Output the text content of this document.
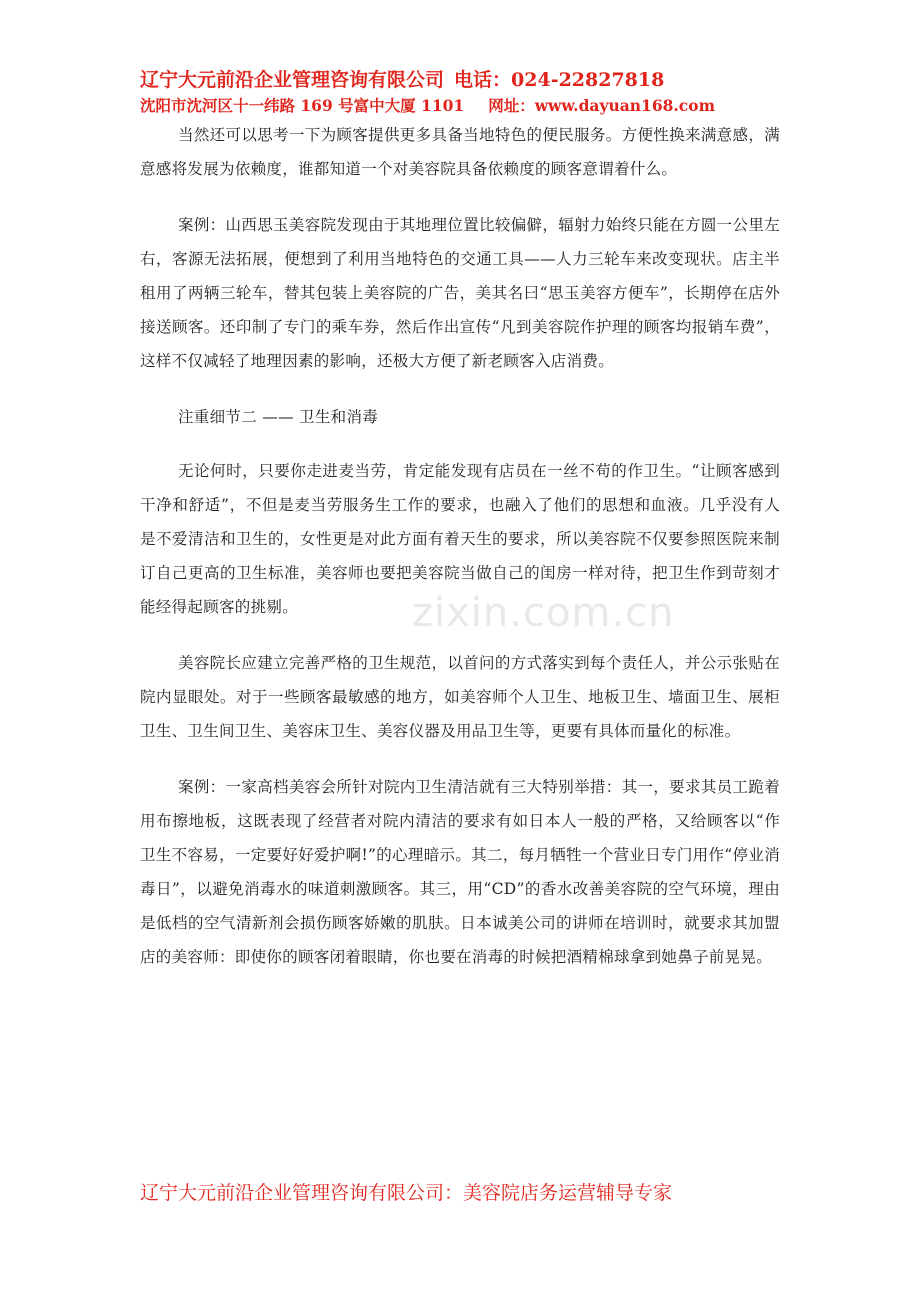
辽宁大元前沿企业管理咨询有限公司 电话：024-22827818
沈阳市沈河区十一纬路 169 号富中大厦 1101 网址：www.dayuan168.com
zixin.com.cn

当然还可以思考一下为顾客提供更多具备当地特色的便民服务。方便性换来满意感，满意感将发展为依赖度，谁都知道一个对美容院具备依赖度的顾客意谓着什么。

案例：山西思玉美容院发现由于其地理位置比较偏僻，辐射力始终只能在方圆一公里左右，客源无法拓展，便想到了利用当地特色的交通工具——人力三轮车来改变现状。店主半租用了两辆三轮车，替其包装上美容院的广告，美其名曰“思玉美容方便车”，长期停在店外接送顾客。还印制了专门的乘车券，然后作出宣传“凡到美容院作护理的顾客均报销车费”，这样不仅减轻了地理因素的影响，还极大方便了新老顾客入店消费。

注重细节二 —— 卫生和消毒

无论何时，只要你走进麦当劳，肯定能发现有店员在一丝不苟的作卫生。“让顾客感到干净和舒适”，不但是麦当劳服务生工作的要求，也融入了他们的思想和血液。几乎没有人是不爱清洁和卫生的，女性更是对此方面有着天生的要求，所以美容院不仅要参照医院来制订自己更高的卫生标准，美容师也要把美容院当做自己的闺房一样对待，把卫生作到苛刻才能经得起顾客的挑剔。

美容院长应建立完善严格的卫生规范，以首问的方式落实到每个责任人，并公示张贴在院内显眼处。对于一些顾客最敏感的地方，如美容师个人卫生、地板卫生、墙面卫生、展柜卫生、卫生间卫生、美容床卫生、美容仪器及用品卫生等，更要有具体而量化的标准。

案例：一家高档美容会所针对院内卫生清洁就有三大特别举措：其一，要求其员工跪着用布擦地板，这既表现了经营者对院内清洁的要求有如日本人一般的严格，又给顾客以“作卫生不容易，一定要好好爱护啊!”的心理暗示。其二，每月牺牲一个营业日专门用作“停业消毒日”，以避免消毒水的味道刺激顾客。其三，用“CD”的香水改善美容院的空气环境，理由是低档的空气清新剂会损伤顾客娇嫩的肌肤。日本诚美公司的讲师在培训时，就要求其加盟店的美容师：即使你的顾客闭着眼睛，你也要在消毒的时候把酒精棉球拿到她鼻子前晃晃。

辽宁大元前沿企业管理咨询有限公司：美容院店务运营辅导专家
